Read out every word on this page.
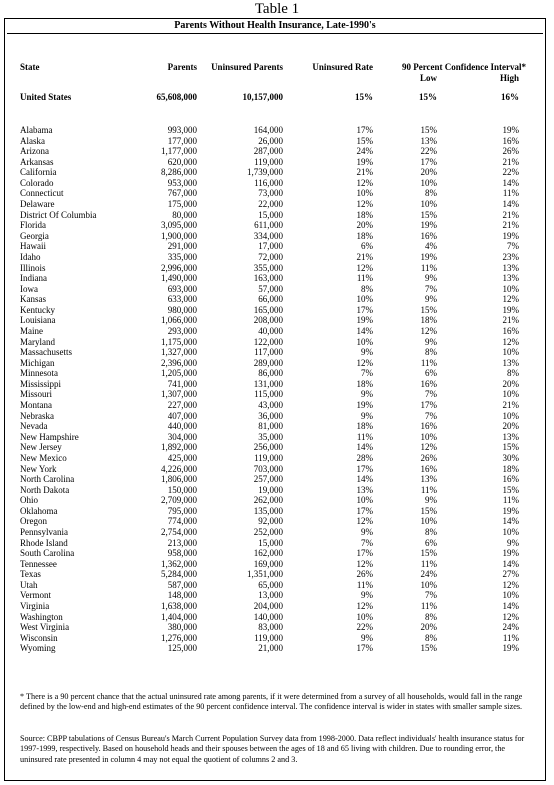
Table 1
Parents Without Health Insurance, Late-1990's
State	Parents	Uninsured Parents	Uninsured Rate	90 Percent Confidence Interval*
Low	High
United States	65,608,000	10,157,000	15%	15%	16%
Alabama	993,000	164,000	17%	15%	19%
Alaska	177,000	26,000	15%	13%	16%
Arizona	1,177,000	287,000	24%	22%	26%
Arkansas	620,000	119,000	19%	17%	21%
California	8,286,000	1,739,000	21%	20%	22%
Colorado	953,000	116,000	12%	10%	14%
Connecticut	767,000	73,000	10%	8%	11%
Delaware	175,000	22,000	12%	10%	14%
District Of Columbia	80,000	15,000	18%	15%	21%
Florida	3,095,000	611,000	20%	19%	21%
Georgia	1,900,000	334,000	18%	16%	19%
Hawaii	291,000	17,000	6%	4%	7%
Idaho	335,000	72,000	21%	19%	23%
Illinois	2,996,000	355,000	12%	11%	13%
Indiana	1,490,000	163,000	11%	9%	13%
Iowa	693,000	57,000	8%	7%	10%
Kansas	633,000	66,000	10%	9%	12%
Kentucky	980,000	165,000	17%	15%	19%
Louisiana	1,066,000	208,000	19%	18%	21%
Maine	293,000	40,000	14%	12%	16%
Maryland	1,175,000	122,000	10%	9%	12%
Massachusetts	1,327,000	117,000	9%	8%	10%
Michigan	2,396,000	289,000	12%	11%	13%
Minnesota	1,205,000	86,000	7%	6%	8%
Mississippi	741,000	131,000	18%	16%	20%
Missouri	1,307,000	115,000	9%	7%	10%
Montana	227,000	43,000	19%	17%	21%
Nebraska	407,000	36,000	9%	7%	10%
Nevada	440,000	81,000	18%	16%	20%
New Hampshire	304,000	35,000	11%	10%	13%
New Jersey	1,892,000	256,000	14%	12%	15%
New Mexico	425,000	119,000	28%	26%	30%
New York	4,226,000	703,000	17%	16%	18%
North Carolina	1,806,000	257,000	14%	13%	16%
North Dakota	150,000	19,000	13%	11%	15%
Ohio	2,709,000	262,000	10%	9%	11%
Oklahoma	795,000	135,000	17%	15%	19%
Oregon	774,000	92,000	12%	10%	14%
Pennsylvania	2,754,000	252,000	9%	8%	10%
Rhode Island	213,000	15,000	7%	6%	9%
South Carolina	958,000	162,000	17%	15%	19%
Tennessee	1,362,000	169,000	12%	11%	14%
Texas	5,284,000	1,351,000	26%	24%	27%
Utah	587,000	65,000	11%	10%	12%
Vermont	148,000	13,000	9%	7%	10%
Virginia	1,638,000	204,000	12%	11%	14%
Washington	1,404,000	140,000	10%	8%	12%
West Virginia	380,000	83,000	22%	20%	24%
Wisconsin	1,276,000	119,000	9%	8%	11%
Wyoming	125,000	21,000	17%	15%	19%
* There is a 90 percent chance that the actual uninsured rate among parents, if it were determined from a survey of all households, would fall in the range defined by the low-end and high-end estimates of the 90 percent confidence interval. The confidence interval is wider in states with smaller sample sizes.
Source: CBPP tabulations of Census Bureau's March Current Population Survey data from 1998-2000. Data reflect individuals' health insurance status for 1997-1999, respectively. Based on household heads and their spouses between the ages of 18 and 65 living with children. Due to rounding error, the uninsured rate presented in column 4 may not equal the quotient of columns 2 and 3.
